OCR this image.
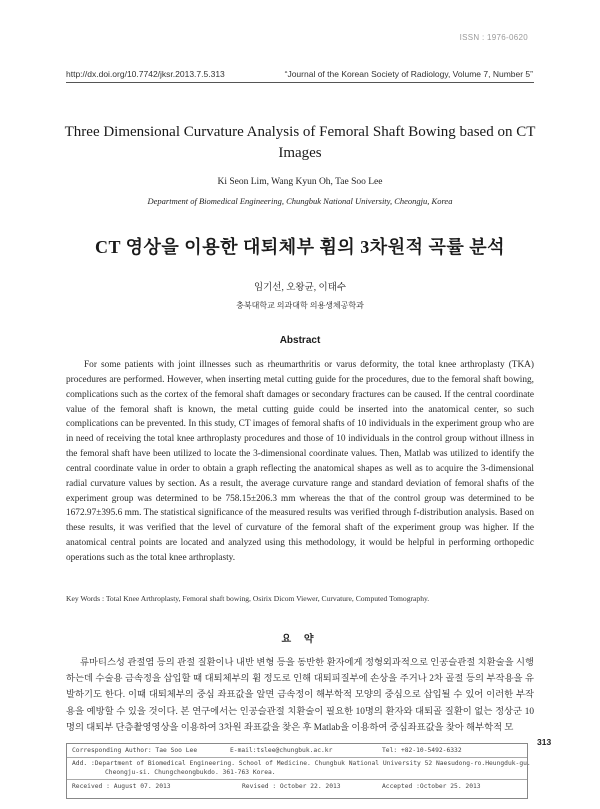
ISSN : 1976-0620
http://dx.doi.org/10.7742/jksr.2013.7.5.313	“Journal of the Korean Society of Radiology, Volume 7, Number 5”
Three Dimensional Curvature Analysis of Femoral Shaft Bowing based on CT Images
Ki Seon Lim, Wang Kyun Oh, Tae Soo Lee
Department of Biomedical Engineering, Chungbuk National University, Cheongju, Korea
CT 영상을 이용한 대퇴체부 휨의 3차원적 곡률 분석
임기선, 오왕균, 이태수
충북대학교 의과대학 의용생체공학과
Abstract
For some patients with joint illnesses such as rheumarthritis or varus deformity, the total knee arthroplasty (TKA) procedures are performed. However, when inserting metal cutting guide for the procedures, due to the femoral shaft bowing, complications such as the cortex of the femoral shaft damages or secondary fractures can be caused. If the central coordinate value of the femoral shaft is known, the metal cutting guide could be inserted into the anatomical center, so such complications can be prevented. In this study, CT images of femoral shafts of 10 individuals in the experiment group who are in need of receiving the total knee arthroplasty procedures and those of 10 individuals in the control group without illness in the femoral shaft have been utilized to locate the 3-dimensional coordinate values. Then, Matlab was utilized to identify the central coordinate value in order to obtain a graph reflecting the anatomical shapes as well as to acquire the 3-dimensional radial curvature values by section. As a result, the average curvature range and standard deviation of femoral shafts of the experiment group was determined to be 758.15±206.3 mm whereas the that of the control group was determined to be 1672.97±395.6 mm. The statistical significance of the measured results was verified through f-distribution analysis. Based on these results, it was verified that the level of curvature of the femoral shaft of the experiment group was higher. If the anatomical central points are located and analyzed using this methodology, it would be helpful in performing orthopedic operations such as the total knee arthroplasty.
Key Words : Total Knee Arthroplasty, Femoral shaft bowing, Osirix Dicom Viewer, Curvature, Computed Tomography.
요 약
류마티스성 관절염 등의 관절 질환이나 내반 변형 등을 동반한 환자에게 정형외과적으로 인공슬관절 치환술을 시행하는데 수술용 금속정을 삽입할 때 대퇴체부의 휨 정도로 인해 대퇴피질부에 손상을 주거나 2차 골절 등의 부작용을 유발하기도 한다. 이때 대퇴체부의 중심 좌표값을 알면 금속정이 해부학적 모양의 중심으로 삽입될 수 있어 이러한 부작용을 예방할 수 있을 것이다. 본 연구에서는 인공슬관절 치환술이 필요한 10명의 환자와 대퇴골 질환이 없는 정상군 10명의 대퇴부 단층촬영영상을 이용하여 3차원 좌표값을 찾은 후 Matlab을 이용하여 중심좌표값을 찾아 해부학적 모
Corresponding Author: Tae Soo Lee	E-mail:tslee@chungbuk.ac.kr	Tel: +82-10-5492-6332
Add. :Department of Biomedical Engineering. School of Medicine. Chungbuk National University 52 Naesudong-ro.Heungduk-gu.
Cheongju-si. Chungcheongbukdo. 361-763 Korea.
Received : August 07. 2013	Revised : October 22. 2013	Accepted :October 25. 2013
313
